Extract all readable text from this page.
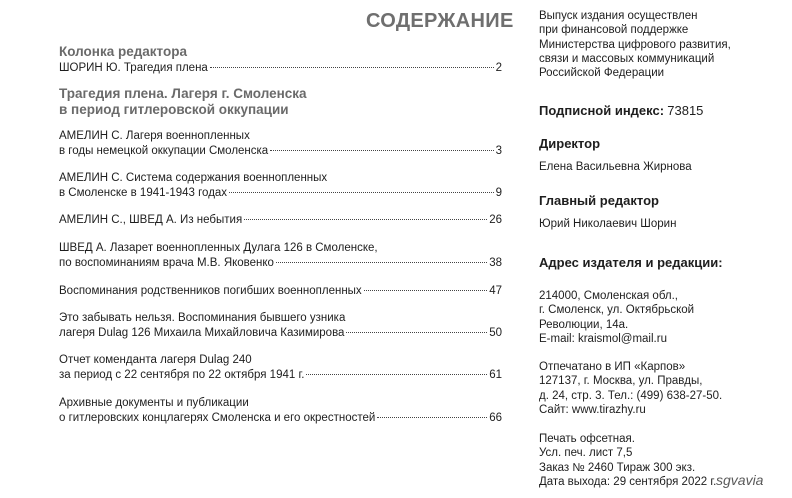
СОДЕРЖАНИЕ
Колонка редактора
Трагедия плена. Лагеря г. Смоленска
в период гитлеровской оккупации
ШОРИН Ю. Трагедия плена	2
АМЕЛИН С. Лагеря военнопленных
в годы немецкой оккупации Смоленска	3
АМЕЛИН С. Система содержания военнопленных
в Смоленске в 1941-1943 годах	9
АМЕЛИН С., ШВЕД А. Из небытия	26
ШВЕД А. Лазарет военнопленных Дулага 126 в Смоленске,
по воспоминаниям врача М.В. Яковенко	38
Воспоминания родственников погибших военнопленных	47
Это забывать нельзя. Воспоминания бывшего узника
лагеря Dulag 126 Михаила Михайловича Казимирова	50
Отчет коменданта лагеря Dulag 240
за период с 22 сентября по 22 октября 1941 г.	61
Архивные документы и публикации
о гитлеровских концлагерях Смоленска и его окрестностей	66
Выпуск издания осуществлен
при финансовой поддержке
Министерства цифрового развития,
связи и массовых коммуникаций
Российской Федерации
Подписной индекс: 73815
Директор
Елена Васильевна Жирнова
Главный редактор
Юрий Николаевич Шорин
Адрес издателя и редакции:
214000, Смоленская обл.,
г. Смоленск, ул. Октябрьской
Революции, 14а.
E-mail: kraismol@mail.ru
Отпечатано в ИП «Карпов»
127137, г. Москва, ул. Правды,
д. 24, стр. 3. Тел.: (499) 638-27-50.
Сайт: www.tirazhy.ru
Печать офсетная.
Усл. печ. лист 7,5
Заказ № 2460 Тираж 300 экз.
Дата выхода: 29 сентября 2022 г. sgvavia
